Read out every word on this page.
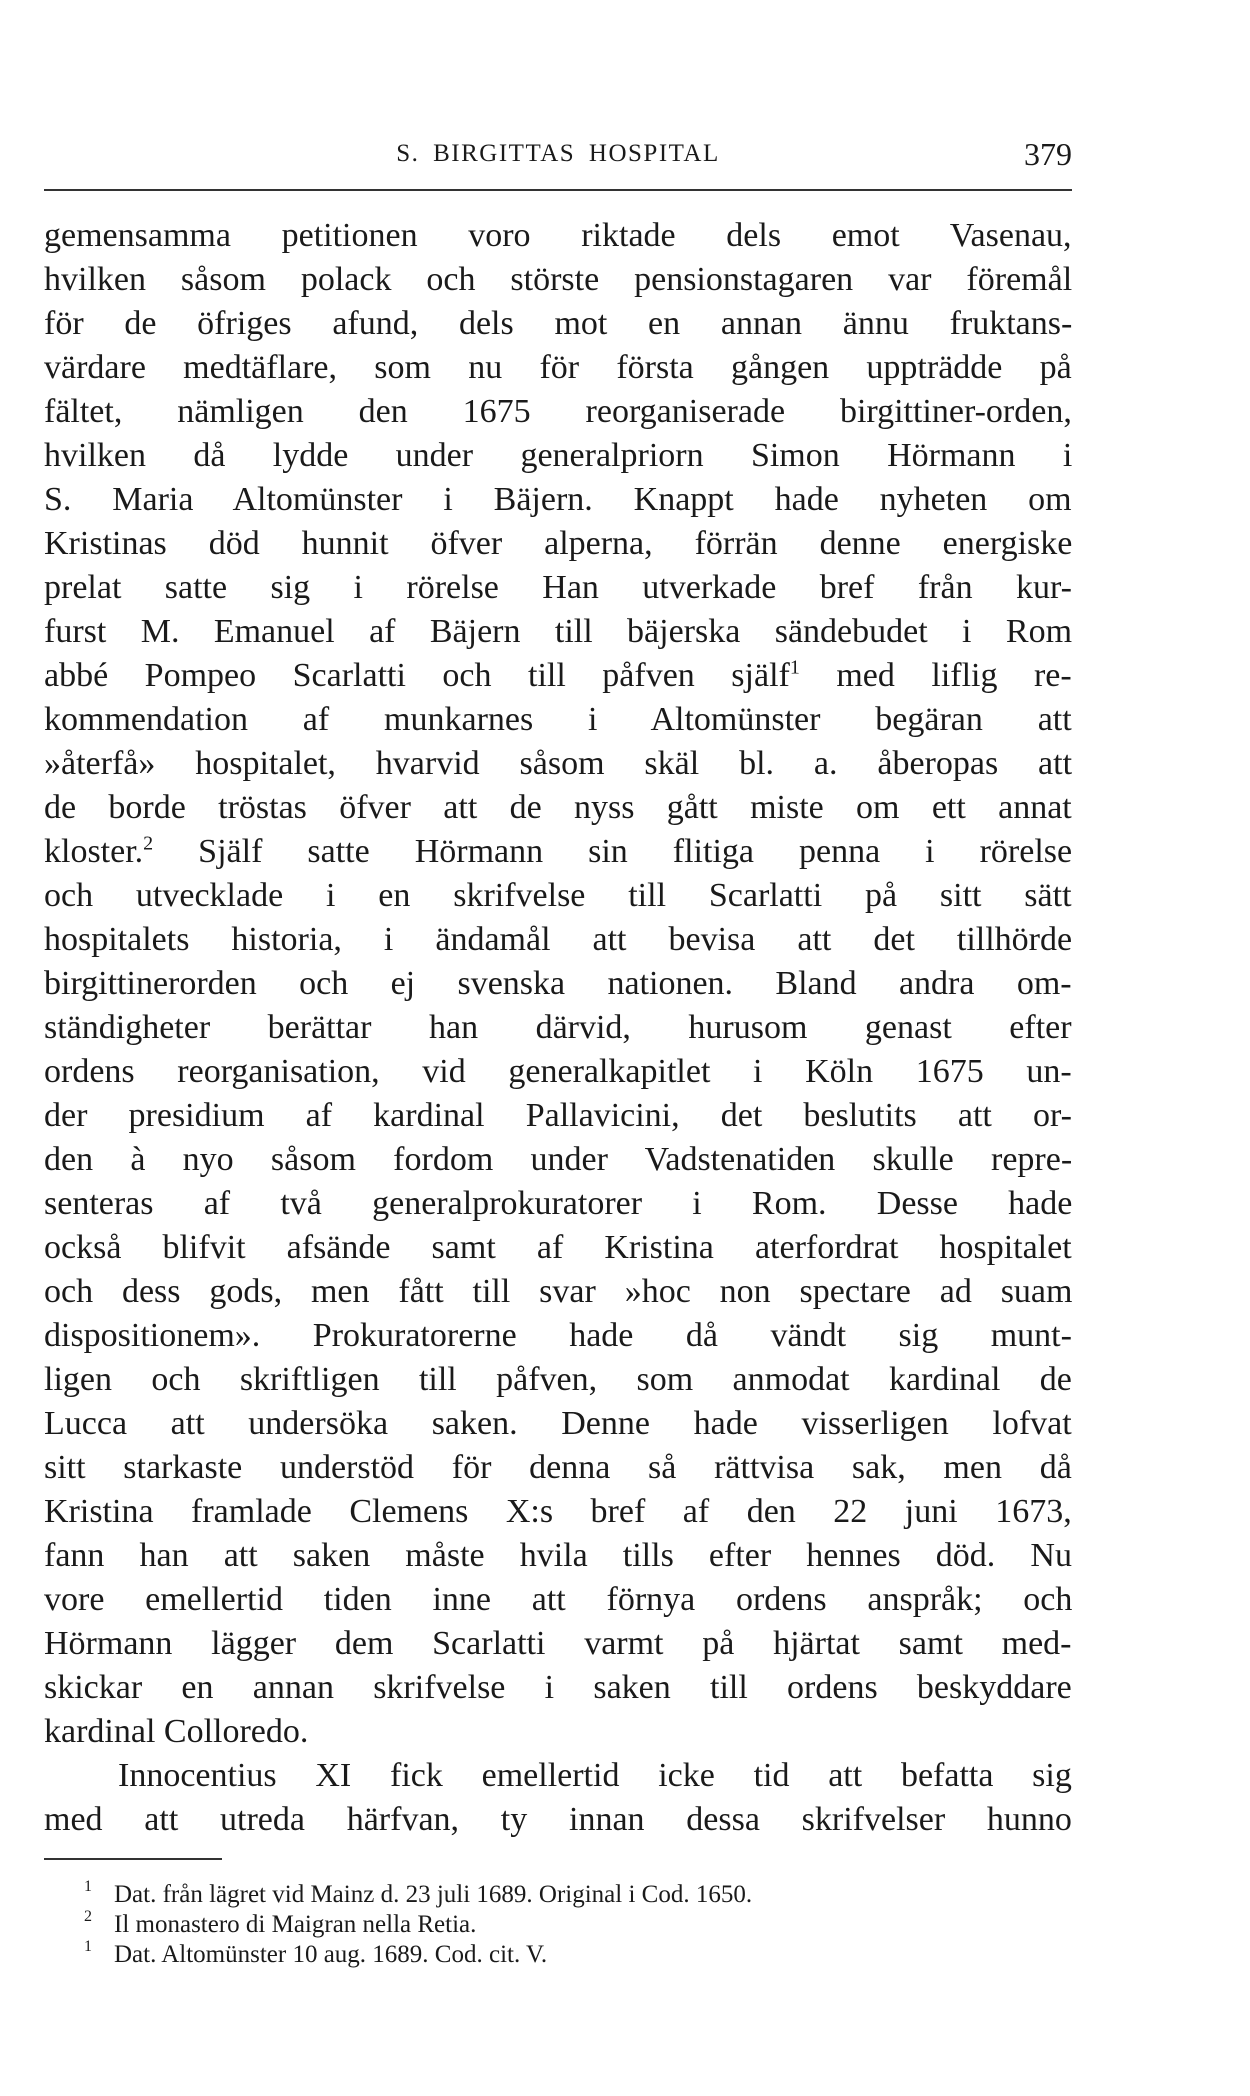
S. BIRGITTAS HOSPITAL	379
gemensamma petitionen voro riktade dels emot Vasenau,
hvilken såsom polack och störste pensionstagaren var föremål
för de öfriges afund, dels mot en annan ännu fruktans-
värdare medtäflare, som nu för första gången uppträdde på
fältet, nämligen den 1675 reorganiserade birgittiner-orden,
hvilken då lydde under generalpriorn Simon Hörmann i
S. Maria Altomünster i Bäjern. Knappt hade nyheten om
Kristinas död hunnit öfver alperna, förrän denne energiske
prelat satte sig i rörelse Han utverkade bref från kur-
furst M. Emanuel af Bäjern till bäjerska sändebudet i Rom
abbé Pompeo Scarlatti och till påfven själf$^1$ med liflig re-
kommendation af munkarnes i Altomünster begäran att
»återfå» hospitalet, hvarvid såsom skäl bl. a. åberopas att
de borde tröstas öfver att de nyss gått miste om ett annat
kloster.$^2$ Själf satte Hörmann sin flitiga penna i rörelse
och utvecklade i en skrifvelse till Scarlatti på sitt sätt
hospitalets historia, i ändamål att bevisa att det tillhörde
birgittinerorden och ej svenska nationen. Bland andra om-
ständigheter berättar han därvid, hurusom genast efter
ordens reorganisation, vid generalkapitlet i Köln 1675 un-
der presidium af kardinal Pallavicini, det beslutits att or-
den à nyo såsom fordom under Vadstenatiden skulle repre-
senteras af två generalprokuratorer i Rom. Desse hade
också blifvit afsände samt af Kristina aterfordrat hospitalet
och dess gods, men fått till svar »hoc non spectare ad suam
dispositionem». Prokuratorerne hade då vändt sig munt-
ligen och skriftligen till påfven, som anmodat kardinal de
Lucca att undersöka saken. Denne hade visserligen lofvat
sitt starkaste understöd för denna så rättvisa sak, men då
Kristina framlade Clemens X:s bref af den 22 juni 1673,
fann han att saken måste hvila tills efter hennes död. Nu
vore emellertid tiden inne att förnya ordens anspråk; och
Hörmann lägger dem Scarlatti varmt på hjärtat samt med-
skickar en annan skrifvelse i saken till ordens beskyddare
kardinal Colloredo.
Innocentius XI fick emellertid icke tid att befatta sig
med att utreda härfvan, ty innan dessa skrifvelser hunno
1 Dat. från lägret vid Mainz d. 23 juli 1689. Original i Cod. 1650.
2 Il monastero di Maigran nella Retia.
1 Dat. Altomünster 10 aug. 1689. Cod. cit. V.
